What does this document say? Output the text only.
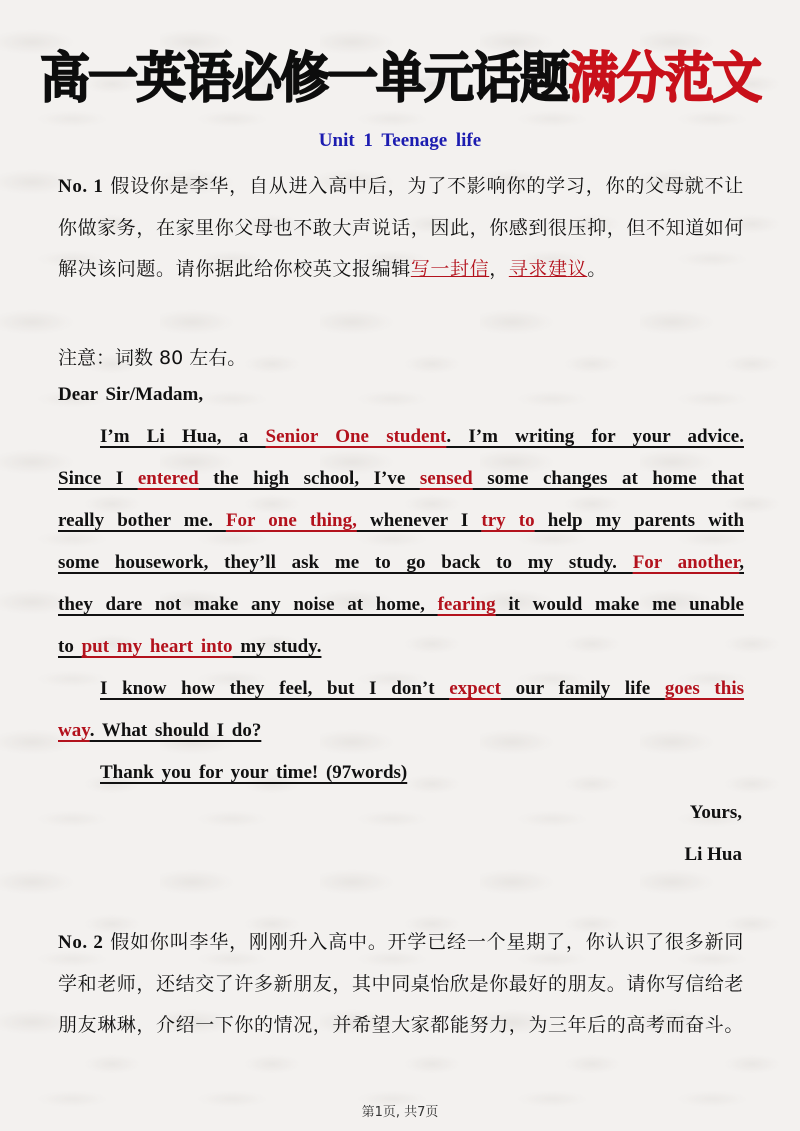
高一英语必修一单元话题满分范文
Unit 1 Teenage life
No. 1 假设你是李华，自从进入高中后，为了不影响你的学习，你的父母就不让你做家务，在家里你父母也不敢大声说话，因此，你感到很压抑，但不知道如何解决该问题。请你据此给你校英文报编辑写一封信，寻求建议。
注意：词数 80 左右。
Dear Sir/Madam,
I’m Li Hua, a Senior One student. I’m writing for your advice.
Since I entered the high school, I’ve sensed some changes at home that
really bother me. For one thing, whenever I try to help my parents with
some housework, they’ll ask me to go back to my study. For another,
they dare not make any noise at home, fearing it would make me unable
to put my heart into my study.
I know how they feel, but I don’t expect our family life goes this
way. What should I do?
Thank you for your time! (97words)
Yours,
Li Hua
No. 2 假如你叫李华，刚刚升入高中。开学已经一个星期了，你认识了很多新同学和老师，还结交了许多新朋友，其中同桌怡欣是你最好的朋友。请你写信给老朋友琳琳，介绍一下你的情况，并希望大家都能努力，为三年后的高考而奋斗。
第1页, 共7页
